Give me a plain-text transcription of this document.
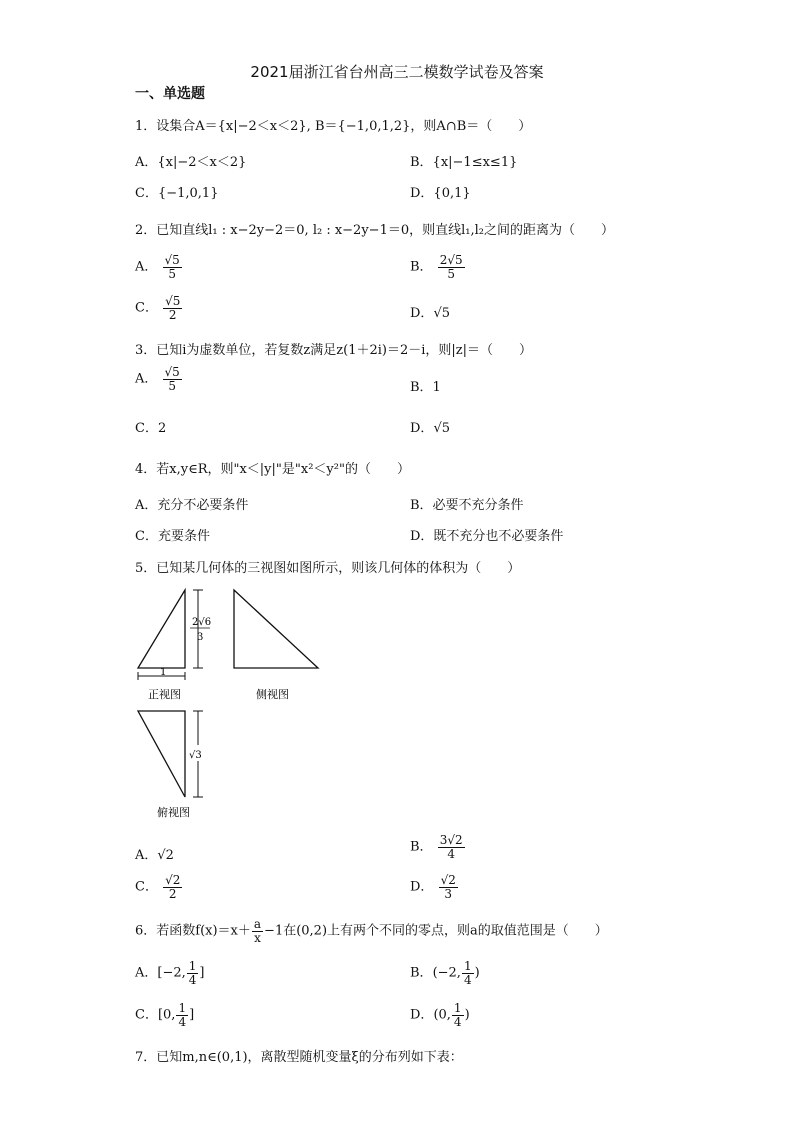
2021届浙江省台州高三二模数学试卷及答案
一、单选题
1．设集合A＝{x|−2＜x＜2}, B＝{−1,0,1,2}，则A∩B＝（　　）
A．{x|−2＜x＜2}	B．{x|−1≤x≤1}
C．{−1,0,1}	D．{0,1}
2．已知直线l₁ : x−2y−2＝0, l₂ : x−2y−1＝0，则直线l₁,l₂之间的距离为（　　）
A． $\frac{√5}{5}$	B． $\frac{2√5}{5}$
C． $\frac{√5}{2}$	D．√5
3．已知i为虚数单位，若复数z满足z(1＋2i)＝2－i，则|z|＝（　　）
A． $\frac{√5}{5}$	B．1
C．2	D．√5
4．若x,y∈R，则"x＜|y|"是"x²＜y²"的（　　）
A．充分不必要条件	B．必要不充分条件
C．充要条件	D．既不充分也不必要条件
5．已知某几何体的三视图如图所示，则该几何体的体积为（　　）
2√6
3
1
正视图	侧视图
√3
俯视图
A．√2
B． $\frac{3√2}{4}$
C． $\frac{√2}{2}$	D． $\frac{√2}{3}$
6．若函数$f(x)=x+ \frac{a}{x} -1$在(0,2)上有两个不同的零点，则a的取值范围是（　　）
A．[−2, $\frac{1}{4}$ ]	B．(−2, $\frac{1}{4}$ )
C．[0, $\frac{1}{4}$ ]	D．(0, $\frac{1}{4}$ )
7．已知m,n∈(0,1)，离散型随机变量ξ的分布列如下表：
